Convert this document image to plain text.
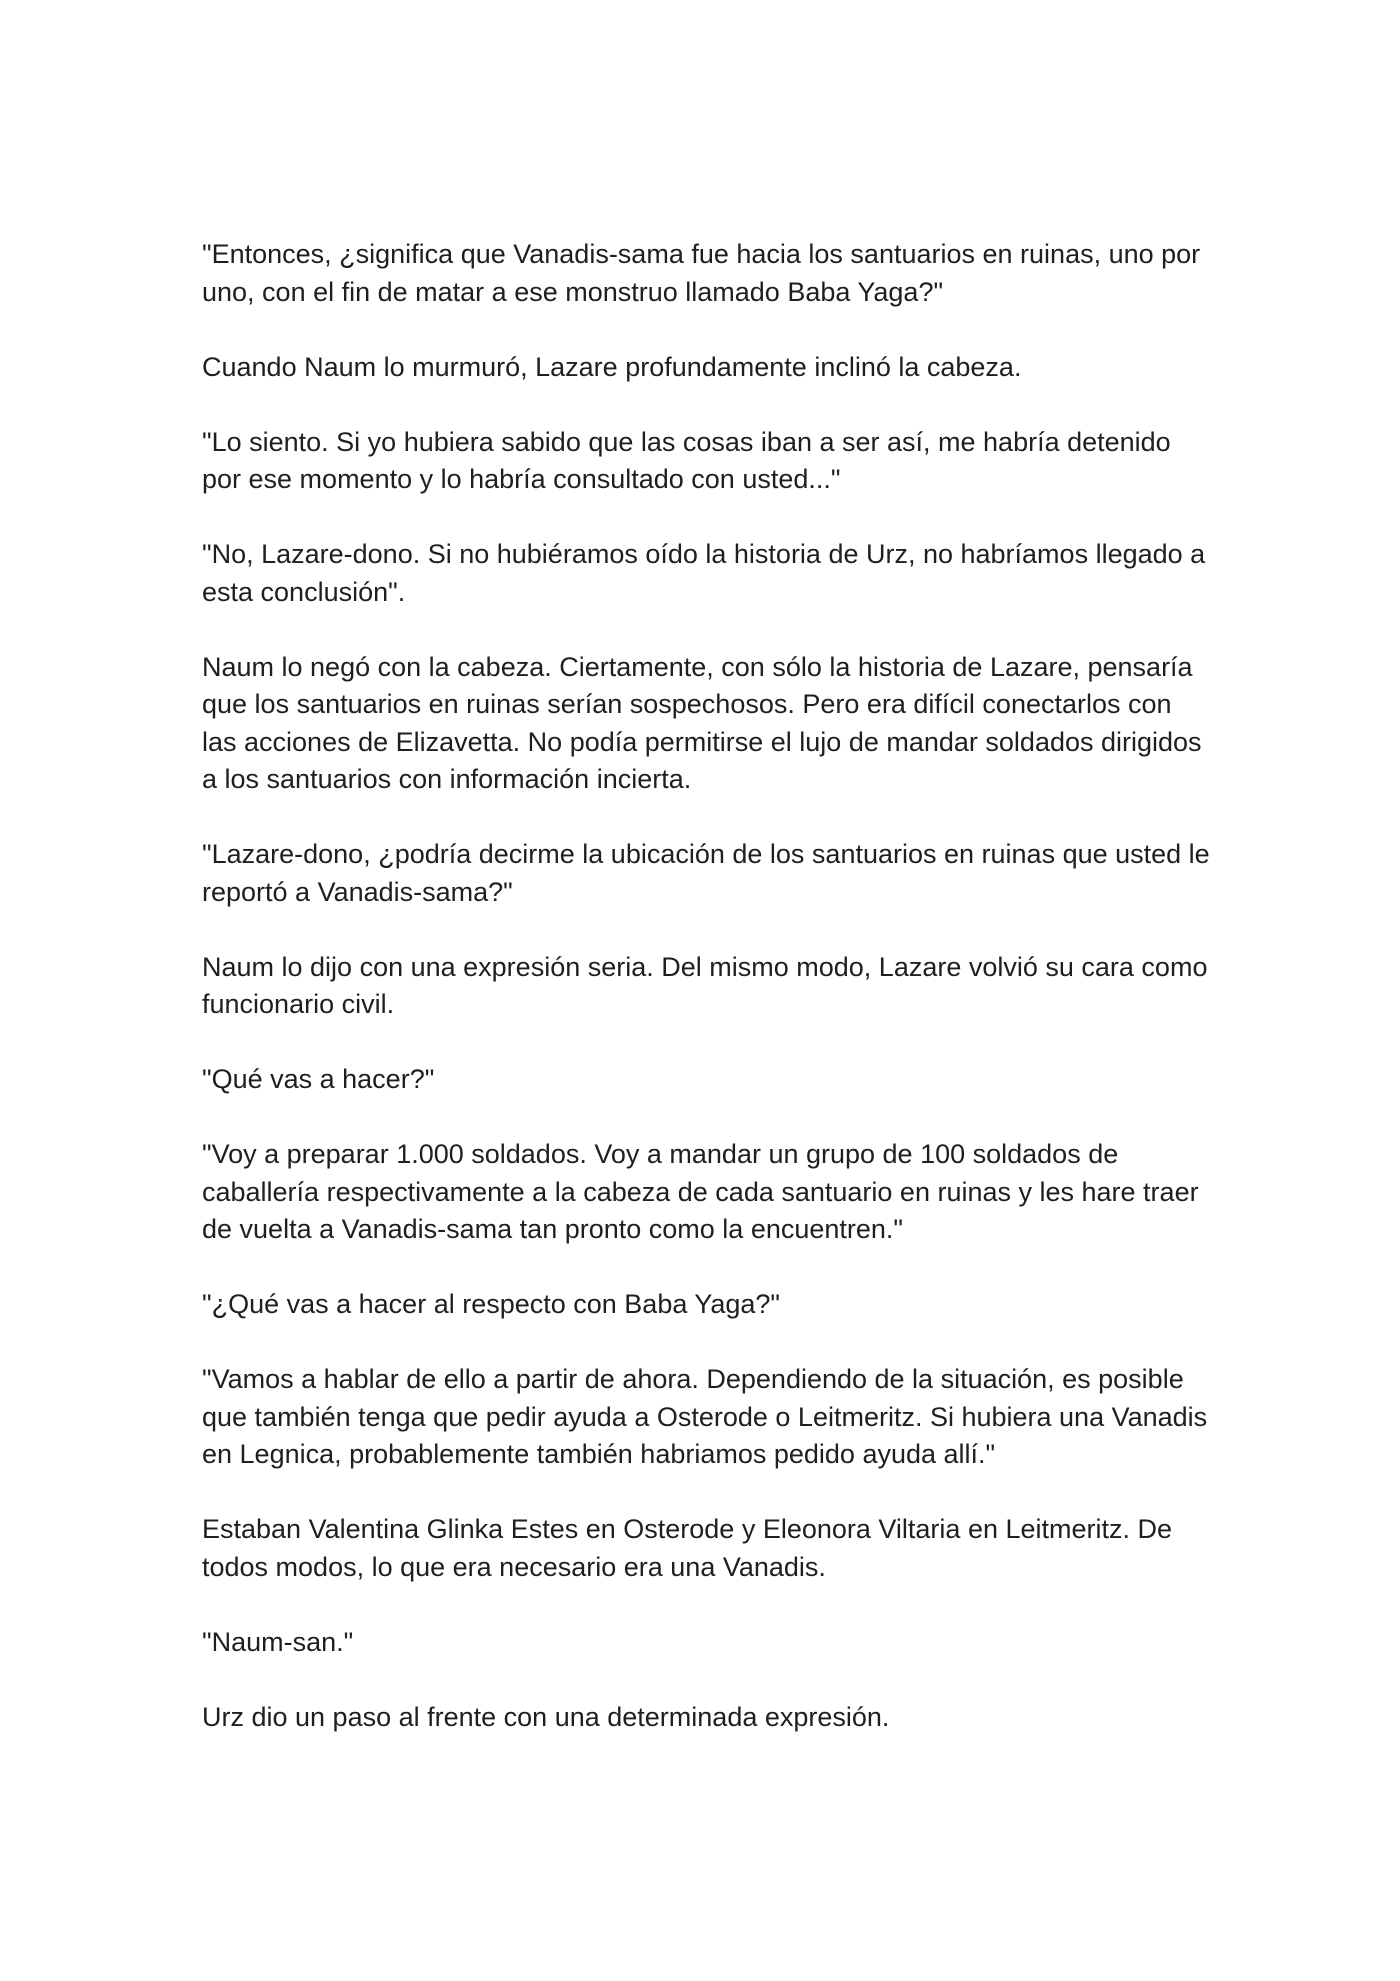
"Entonces, ¿significa que Vanadis-sama fue hacia los santuarios en ruinas, uno por uno, con el fin de matar a ese monstruo llamado Baba Yaga?"

Cuando Naum lo murmuró, Lazare profundamente inclinó la cabeza.

"Lo siento. Si yo hubiera sabido que las cosas iban a ser así, me habría detenido por ese momento y lo habría consultado con usted..."

"No, Lazare-dono. Si no hubiéramos oído la historia de Urz, no habríamos llegado a esta conclusión".

Naum lo negó con la cabeza. Ciertamente, con sólo la historia de Lazare, pensaría que los santuarios en ruinas serían sospechosos. Pero era difícil conectarlos con las acciones de Elizavetta. No podía permitirse el lujo de mandar soldados dirigidos a los santuarios con información incierta.

"Lazare-dono, ¿podría decirme la ubicación de los santuarios en ruinas que usted le reportó a Vanadis-sama?"

Naum lo dijo con una expresión seria. Del mismo modo, Lazare volvió su cara como funcionario civil.

"Qué vas a hacer?"

"Voy a preparar 1.000 soldados. Voy a mandar un grupo de 100 soldados de caballería respectivamente a la cabeza de cada santuario en ruinas y les hare traer de vuelta a Vanadis-sama tan pronto como la encuentren."

"¿Qué vas a hacer al respecto con Baba Yaga?"

"Vamos a hablar de ello a partir de ahora. Dependiendo de la situación, es posible que también tenga que pedir ayuda a Osterode o Leitmeritz. Si hubiera una Vanadis en Legnica, probablemente también habriamos pedido ayuda allí."

Estaban Valentina Glinka Estes en Osterode y Eleonora Viltaria en Leitmeritz. De todos modos, lo que era necesario era una Vanadis.

"Naum-san."

Urz dio un paso al frente con una determinada expresión.
